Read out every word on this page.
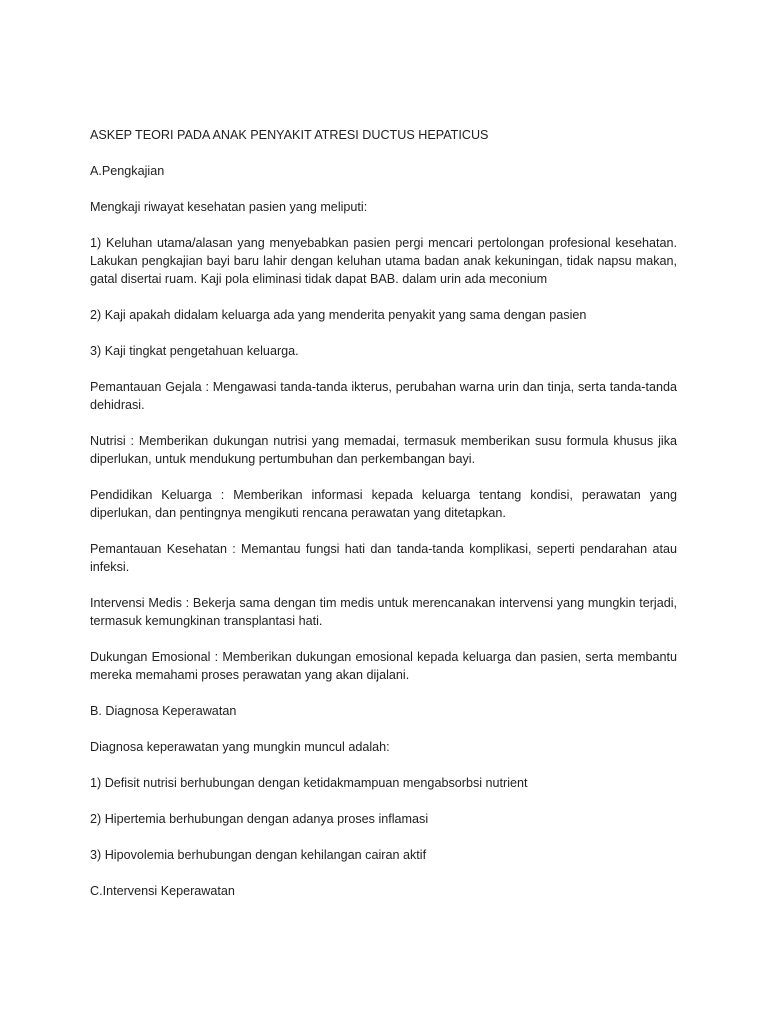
ASKEP TEORI PADA ANAK PENYAKIT ATRESI DUCTUS HEPATICUS

A.Pengkajian

Mengkaji riwayat kesehatan pasien yang meliputi:

1) Keluhan utama/alasan yang menyebabkan pasien pergi mencari pertolongan profesional kesehatan. Lakukan pengkajian bayi baru lahir dengan keluhan utama badan anak kekuningan, tidak napsu makan, gatal disertai ruam. Kaji pola eliminasi tidak dapat BAB. dalam urin ada meconium

2) Kaji apakah didalam keluarga ada yang menderita penyakit yang sama dengan pasien

3) Kaji tingkat pengetahuan keluarga.

Pemantauan Gejala : Mengawasi tanda-tanda ikterus, perubahan warna urin dan tinja, serta tanda-tanda dehidrasi.

Nutrisi : Memberikan dukungan nutrisi yang memadai, termasuk memberikan susu formula khusus jika diperlukan, untuk mendukung pertumbuhan dan perkembangan bayi.

Pendidikan Keluarga : Memberikan informasi kepada keluarga tentang kondisi, perawatan yang diperlukan, dan pentingnya mengikuti rencana perawatan yang ditetapkan.

Pemantauan Kesehatan : Memantau fungsi hati dan tanda-tanda komplikasi, seperti pendarahan atau infeksi.

Intervensi Medis : Bekerja sama dengan tim medis untuk merencanakan intervensi yang mungkin terjadi, termasuk kemungkinan transplantasi hati.

Dukungan Emosional : Memberikan dukungan emosional kepada keluarga dan pasien, serta membantu mereka memahami proses perawatan yang akan dijalani.

B. Diagnosa Keperawatan

Diagnosa keperawatan yang mungkin muncul adalah:

1) Defisit nutrisi berhubungan dengan ketidakmampuan mengabsorbsi nutrient

2) Hipertemia berhubungan dengan adanya proses inflamasi

3) Hipovolemia berhubungan dengan kehilangan cairan aktif

C.Intervensi Keperawatan
